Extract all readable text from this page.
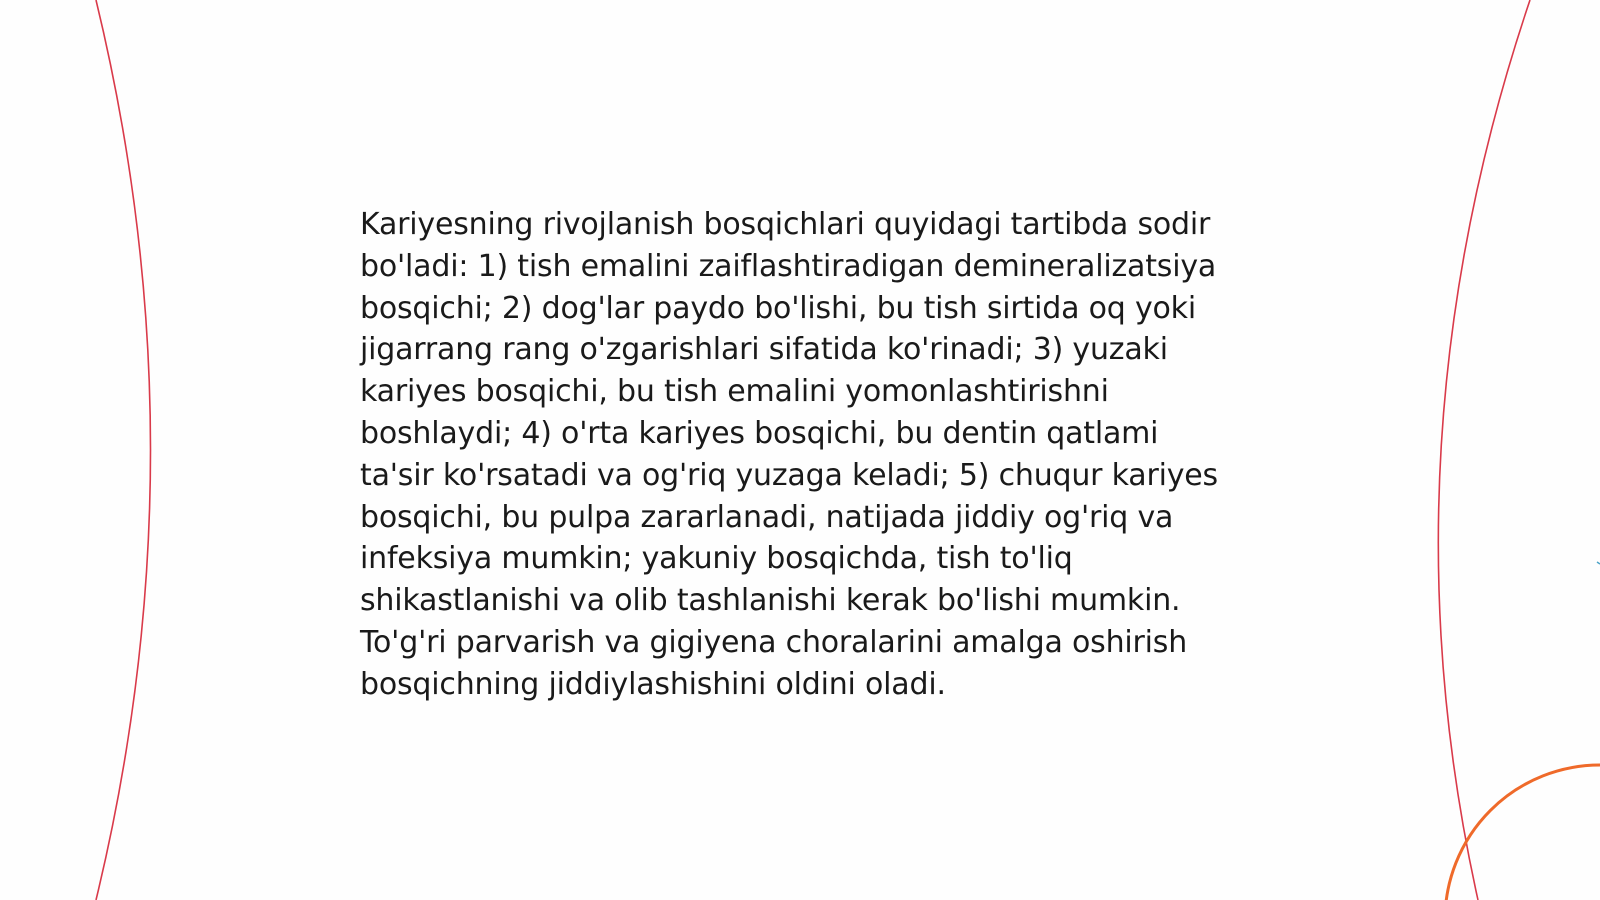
Kariyesning rivojlanish bosqichlari quyidagi tartibda sodir bo'ladi: 1) tish emalini zaiflashtiradigan demineralizatsiya bosqichi; 2) dog'lar paydo bo'lishi, bu tish sirtida oq yoki jigarrang rang o'zgarishlari sifatida ko'rinadi; 3) yuzaki kariyes bosqichi, bu tish emalini yomonlashtirishni boshlaydi; 4) o'rta kariyes bosqichi, bu dentin qatlami ta'sir ko'rsatadi va og'riq yuzaga keladi; 5) chuqur kariyes bosqichi, bu pulpa zararlanadi, natijada jiddiy og'riq va infeksiya mumkin; yakuniy bosqichda, tish to'liq shikastlanishi va olib tashlanishi kerak bo'lishi mumkin. To'g'ri parvarish va gigiyena choralarini amalga oshirish bosqichning jiddiylashishini oldini oladi.
